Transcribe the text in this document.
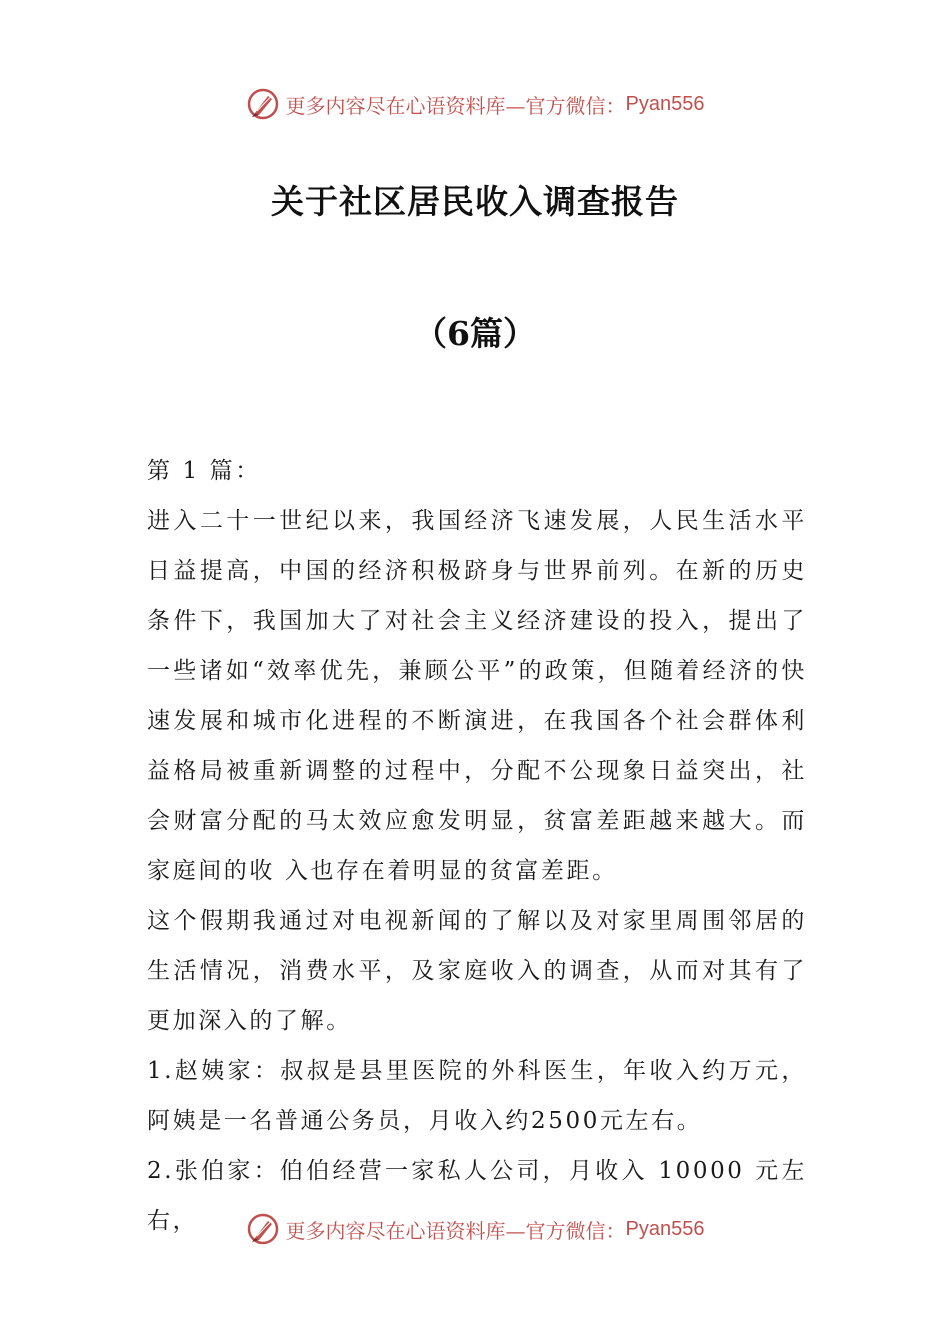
更多内容尽在心语资料库—官方微信： Pyan556
关于社区居民收入调查报告
（6篇）

第 1 篇：

进入二十一世纪以来，我国经济飞速发展，人民生活水平日益提高，中国的经济积极跻身与世界前列。在新的历史条件下，我国加大了对社会主义经济建设的投入，提出了一些诸如“效率优先，兼顾公平”的政策，但随着经济的快速发展和城市化进程的不断演进，在我国各个社会群体利益格局被重新调整的过程中，分配不公现象日益突出，社会财富分配的马太效应愈发明显，贫富差距越来越大。而家庭间的收 入也存在着明显的贫富差距。

这个假期我通过对电视新闻的了解以及对家里周围邻居的生活情况，消费水平，及家庭收入的调查，从而对其有了更加深入的了解。

1.赵姨家：叔叔是县里医院的外科医生，年收入约万元，阿姨是一名普通公务员，月收入约2500元左右。

2.张伯家：伯伯经营一家私人公司，月收入 10000 元左右，	更多内容尽在心语资料库—官方微信： Pyan556
